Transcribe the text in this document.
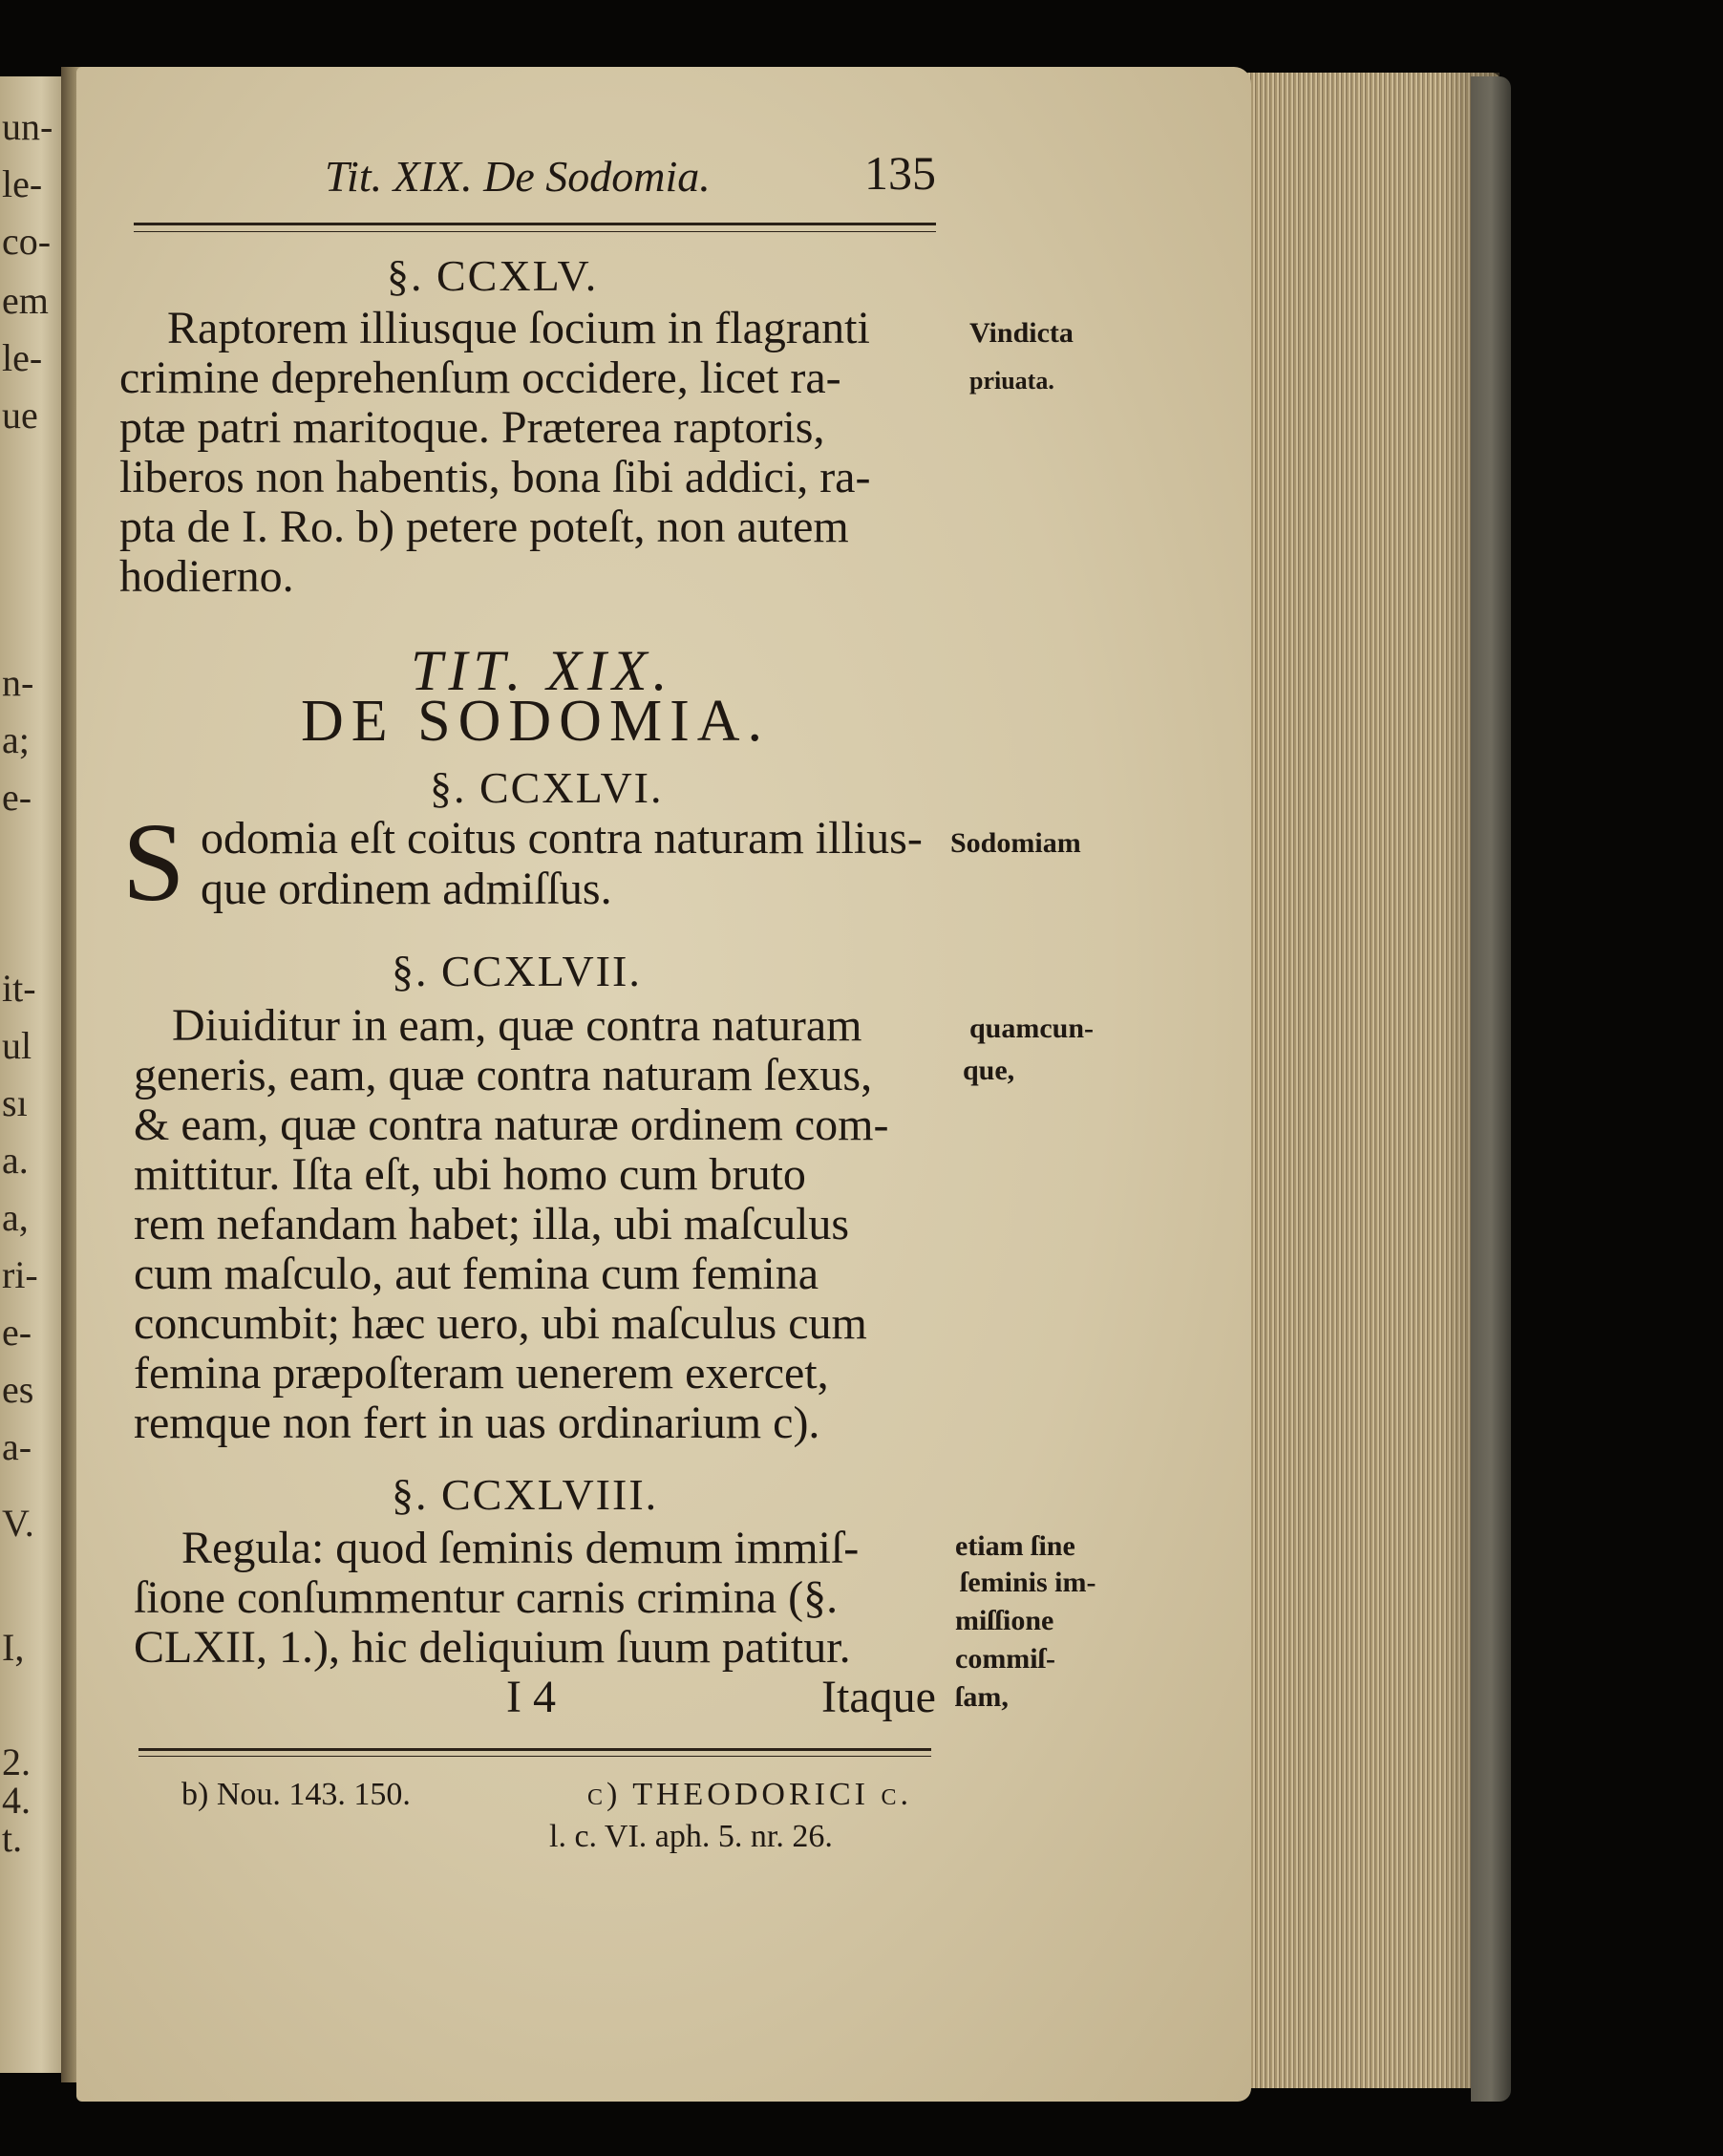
un-
le-
co-
em
le-
ue
n-
a;
e-
it-
ul
sı
a.
a,
ri-
e-
es
a-
V.
I,
2.
4.
t.
Tit. XIX. De Sodomia.	135
§. CCXLV.
Raptorem illiusque ſocium in flagranti
crimine deprehenſum occidere, licet ra-
ptæ patri maritoque. Præterea raptoris,
liberos non habentis, bona ſibi addici, ra-
pta de I. Ro. b) petere poteſt, non autem
hodierno.
Vindicta
priuata.
TIT. XIX.
DE SODOMIA.
§. CCXLVI.
S odomia eſt coitus contra naturam illius-
que ordinem admiſſus.
Sodomiam
§. CCXLVII.
Diuiditur in eam, quæ contra naturam
generis, eam, quæ contra naturam ſexus,
& eam, quæ contra naturæ ordinem com-
mittitur. Iſta eſt, ubi homo cum bruto
rem nefandam habet; illa, ubi maſculus
cum maſculo, aut femina cum femina
concumbit; hæc uero, ubi maſculus cum
femina præpoſteram uenerem exercet,
remque non fert in uas ordinarium c).
quamcun-
que,
§. CCXLVIII.
Regula: quod ſeminis demum immiſ-
ſione conſummentur carnis crimina (§.
CLXII, 1.), hic deliquium ſuum patitur.
I 4	Itaque
etiam ſine
ſeminis im-
miſſione
commiſ-
ſam,
b) Nou. 143. 150.	c) THEODORICI c.
l. c. VI. aph. 5. nr. 26.
